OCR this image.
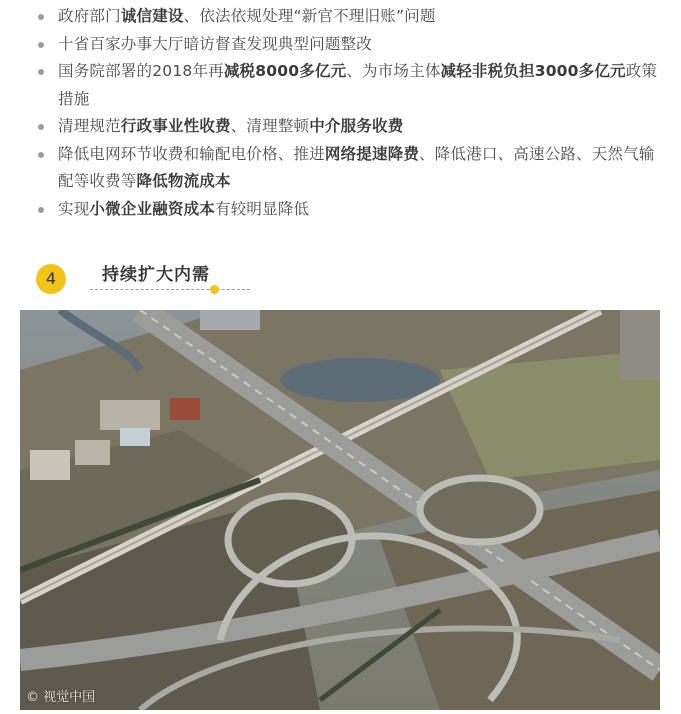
政府部门诚信建设、依法依规处理“新官不理旧账”问题
十省百家办事大厅暗访督查发现典型问题整改
国务院部署的2018年再减税8000多亿元、为市场主体减轻非税负担3000多亿元政策措施
清理规范行政事业性收费、清理整顿中介服务收费
降低电网环节收费和输配电价格、推进网络提速降费、降低港口、高速公路、天然气输配等收费等降低物流成本
实现小微企业融资成本有较明显降低
4	持续扩大内需
© 视觉中国
